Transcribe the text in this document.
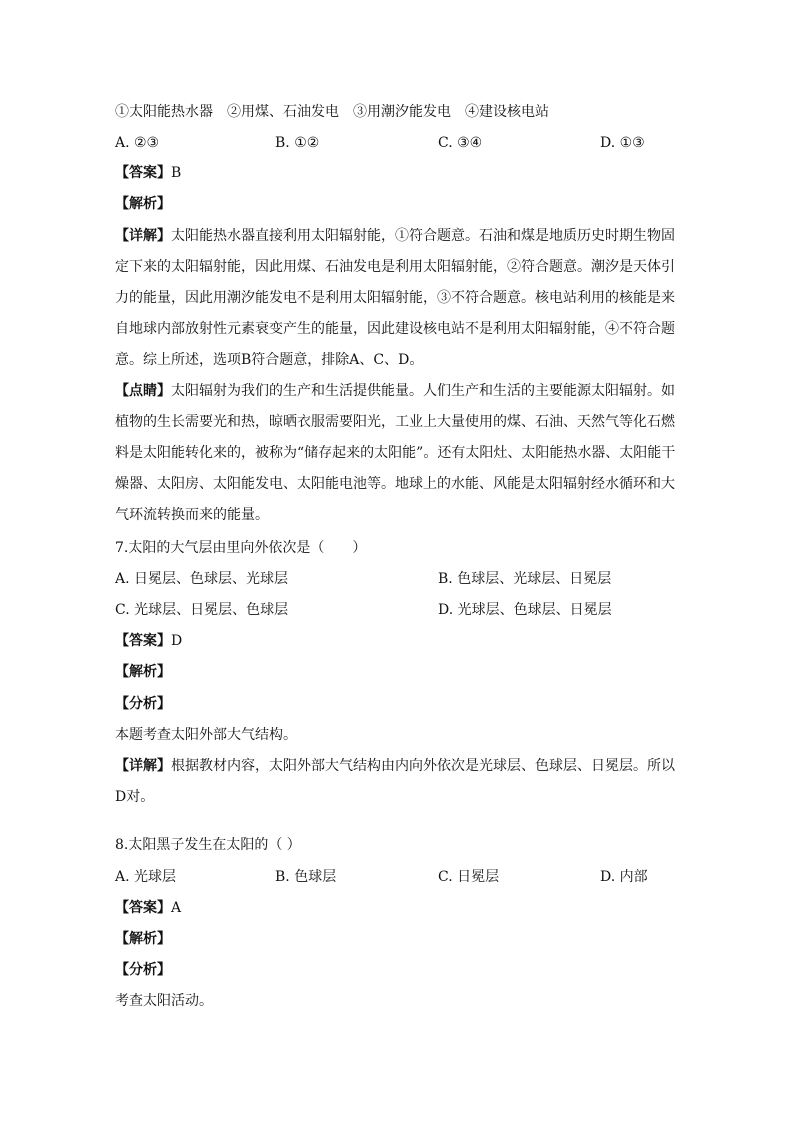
①太阳能热水器　②用煤、石油发电　③用潮汐能发电　④建设核电站
A. ②③	B. ①②	C. ③④	D. ①③
【答案】B
【解析】
【详解】太阳能热水器直接利用太阳辐射能，①符合题意。石油和煤是地质历史时期生物固定下来的太阳辐射能，因此用煤、石油发电是利用太阳辐射能，②符合题意。潮汐是天体引力的能量，因此用潮汐能发电不是利用太阳辐射能，③不符合题意。核电站利用的核能是来自地球内部放射性元素衰变产生的能量，因此建设核电站不是利用太阳辐射能，④不符合题意。综上所述，选项B符合题意，排除A、C、D。
【点睛】太阳辐射为我们的生产和生活提供能量。人们生产和生活的主要能源太阳辐射。如植物的生长需要光和热，晾晒衣服需要阳光，工业上大量使用的煤、石油、天然气等化石燃料是太阳能转化来的，被称为“储存起来的太阳能”。还有太阳灶、太阳能热水器、太阳能干燥器、太阳房、太阳能发电、太阳能电池等。地球上的水能、风能是太阳辐射经水循环和大气环流转换而来的能量。
7.太阳的大气层由里向外依次是（　　）
A. 日冕层、色球层、光球层	B. 色球层、光球层、日冕层
C. 光球层、日冕层、色球层	D. 光球层、色球层、日冕层
【答案】D
【解析】
【分析】
本题考查太阳外部大气结构。
【详解】根据教材内容，太阳外部大气结构由内向外依次是光球层、色球层、日冕层。所以D对。
8.太阳黑子发生在太阳的（ ）
A. 光球层	B. 色球层	C. 日冕层	D. 内部
【答案】A
【解析】
【分析】
考查太阳活动。
